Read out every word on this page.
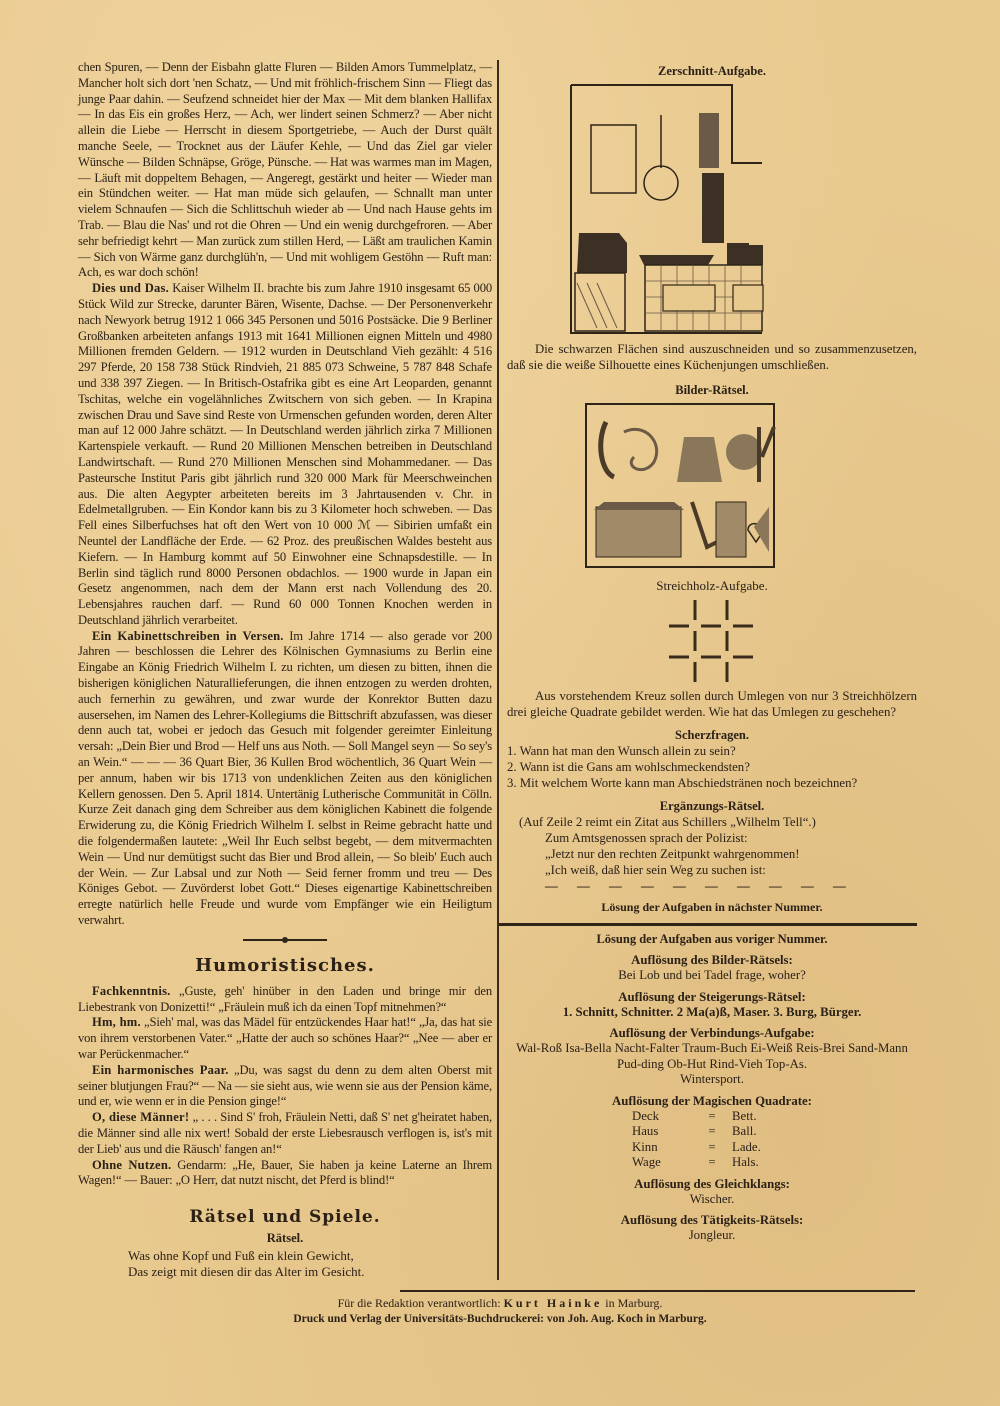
chen Spuren, — Denn der Eisbahn glatte Fluren — Bilden Amors Tummelplatz, — Mancher holt sich dort 'nen Schatz, — Und mit fröhlich-frischem Sinn — Fliegt das junge Paar dahin. — Seufzend schneidet hier der Max — Mit dem blanken Hallifax — In das Eis ein großes Herz, — Ach, wer lindert seinen Schmerz? — Aber nicht allein die Liebe — Herrscht in diesem Sportgetriebe, — Auch der Durst quält manche Seele, — Trocknet aus der Läufer Kehle, — Und das Ziel gar vieler Wünsche — Bilden Schnäpse, Gröge, Pünsche. — Hat was warmes man im Magen, — Läuft mit doppeltem Behagen, — Angeregt, gestärkt und heiter — Wieder man ein Stündchen weiter. — Hat man müde sich gelaufen, — Schnallt man unter vielem Schnaufen — Sich die Schlittschuh wieder ab — Und nach Hause gehts im Trab. — Blau die Nas' und rot die Ohren — Und ein wenig durchgefroren. — Aber sehr befriedigt kehrt — Man zurück zum stillen Herd, — Läßt am traulichen Kamin — Sich von Wärme ganz durchglüh'n, — Und mit wohligem Gestöhn — Ruft man: Ach, es war doch schön!

Dies und Das. Kaiser Wilhelm II. brachte bis zum Jahre 1910 insgesamt 65 000 Stück Wild zur Strecke, darunter Bären, Wisente, Dachse. — Der Personenverkehr nach Newyork betrug 1912 1 066 345 Personen und 5016 Postsäcke. Die 9 Berliner Großbanken arbeiteten anfangs 1913 mit 1641 Millionen eignen Mitteln und 4980 Millionen fremden Geldern. — 1912 wurden in Deutschland Vieh gezählt: 4 516 297 Pferde, 20 158 738 Stück Rindvieh, 21 885 073 Schweine, 5 787 848 Schafe und 338 397 Ziegen. — In Britisch-Ostafrika gibt es eine Art Leoparden, genannt Tschitas, welche ein vogelähnliches Zwitschern von sich geben. — In Krapina zwischen Drau und Save sind Reste von Urmenschen gefunden worden, deren Alter man auf 12 000 Jahre schätzt. — In Deutschland werden jährlich zirka 7 Millionen Kartenspiele verkauft. — Rund 20 Millionen Menschen betreiben in Deutschland Landwirtschaft. — Rund 270 Millionen Menschen sind Mohammedaner. — Das Pasteursche Institut Paris gibt jährlich rund 320 000 Mark für Meerschweinchen aus. Die alten Aegypter arbeiteten bereits im 3 Jahrtausenden v. Chr. in Edelmetallgruben. — Ein Kondor kann bis zu 3 Kilometer hoch schweben. — Das Fell eines Silberfuchses hat oft den Wert von 10 000 ℳ — Sibirien umfaßt ein Neuntel der Landfläche der Erde. — 62 Proz. des preußischen Waldes besteht aus Kiefern. — In Hamburg kommt auf 50 Einwohner eine Schnapsdestille. — In Berlin sind täglich rund 8000 Personen obdachlos. — 1900 wurde in Japan ein Gesetz angenommen, nach dem der Mann erst nach Vollendung des 20. Lebensjahres rauchen darf. — Rund 60 000 Tonnen Knochen werden in Deutschland jährlich verarbeitet.

Ein Kabinettschreiben in Versen. Im Jahre 1714 — also gerade vor 200 Jahren — beschlossen die Lehrer des Kölnischen Gymnasiums zu Berlin eine Eingabe an König Friedrich Wilhelm I. zu richten, um diesen zu bitten, ihnen die bisherigen königlichen Naturallieferungen, die ihnen entzogen zu werden drohten, auch fernerhin zu gewähren, und zwar wurde der Konrektor Butten dazu ausersehen, im Namen des Lehrer-Kollegiums die Bittschrift abzufassen, was dieser denn auch tat, wobei er jedoch das Gesuch mit folgender gereimter Einleitung versah: „Dein Bier und Brod — Helf uns aus Noth. — Soll Mangel seyn — So sey's an Wein.“ — — — 36 Quart Bier, 36 Kullen Brod wöchentlich, 36 Quart Wein — per annum, haben wir bis 1713 von undenklichen Zeiten aus den königlichen Kellern genossen. Den 5. April 1814. Untertänig Lutherische Communität in Cölln. Kurze Zeit danach ging dem Schreiber aus dem königlichen Kabinett die folgende Erwiderung zu, die König Friedrich Wilhelm I. selbst in Reime gebracht hatte und die folgendermaßen lautete: „Weil Ihr Euch selbst begebt, — dem mitvermachten Wein — Und nur demütigst sucht das Bier und Brod allein, — So bleib' Euch auch der Wein. — Zur Labsal und zur Noth — Seid ferner fromm und treu — Des Königes Gebot. — Zuvörderst lobet Gott.“ Dieses eigenartige Kabinettschreiben erregte natürlich helle Freude und wurde vom Empfänger wie ein Heiligtum verwahrt.

Humoristisches.

Fachkenntnis. „Guste, geh' hinüber in den Laden und bringe mir den Liebestrank von Donizetti!“ „Fräulein muß ich da einen Topf mitnehmen?“

Hm, hm. „Sieh' mal, was das Mädel für entzückendes Haar hat!“ „Ja, das hat sie von ihrem verstorbenen Vater.“ „Hatte der auch so schönes Haar?“ „Nee — aber er war Perückenmacher.“

Ein harmonisches Paar. „Du, was sagst du denn zu dem alten Oberst mit seiner blutjungen Frau?“ — Na — sie sieht aus, wie wenn sie aus der Pension käme, und er, wie wenn er in die Pension ginge!“

O, diese Männer! „ . . . Sind S' froh, Fräulein Netti, daß S' net g'heiratet haben, die Männer sind alle nix wert! Sobald der erste Liebesrausch verflogen is, ist's mit der Lieb' aus und die Räusch' fangen an!“

Ohne Nutzen. Gendarm: „He, Bauer, Sie haben ja keine Laterne an Ihrem Wagen!“ — Bauer: „O Herr, dat nutzt nischt, det Pferd is blind!“

Rätsel und Spiele.
Rätsel.
Was ohne Kopf und Fuß ein klein Gewicht,
Das zeigt mit diesen dir das Alter im Gesicht.
Zerschnitt-Aufgabe.
Die schwarzen Flächen sind auszuschneiden und so zusammenzusetzen, daß sie die weiße Silhouette eines Küchenjungen umschließen.
Bilder-Rätsel.
Streichholz-Aufgabe.
Aus vorstehendem Kreuz sollen durch Umlegen von nur 3 Streichhölzern drei gleiche Quadrate gebildet werden. Wie hat das Umlegen zu geschehen?
Scherzfragen.
1. Wann hat man den Wunsch allein zu sein?
2. Wann ist die Gans am wohlschmeckendsten?
3. Mit welchem Worte kann man Abschiedstränen noch bezeichnen?
Ergänzungs-Rätsel.
(Auf Zeile 2 reimt ein Zitat aus Schillers „Wilhelm Tell“.)
Zum Amtsgenossen sprach der Polizist:
„Jetzt nur den rechten Zeitpunkt wahrgenommen!
„Ich weiß, daß hier sein Weg zu suchen ist:
— — — — — — — — — —
Lösung der Aufgaben in nächster Nummer.
Lösung der Aufgaben aus voriger Nummer.
Auflösung des Bilder-Rätsels:
Bei Lob und bei Tadel frage, woher?
Auflösung der Steigerungs-Rätsel:
1. Schnitt, Schnitter. 2 Ma(a)ß, Maser. 3. Burg, Bürger.
Auflösung der Verbindungs-Aufgabe:
Wal-Roß Isa-Bella Nacht-Falter Traum-Buch Ei-Weiß Reis-Brei Sand-Mann Pud-ding Ob-Hut Rind-Vieh Top-As.
Wintersport.
Auflösung der Magischen Quadrate:
Deck	=	Bett.
Haus	=	Ball.
Kinn	=	Lade.
Wage	=	Hals.
Auflösung des Gleichklangs:
Wischer.
Auflösung des Tätigkeits-Rätsels:
Jongleur.
Für die Redaktion verantwortlich: Kurt Hainke in Marburg.
Druck und Verlag der Universitäts-Buchdruckerei: von Joh. Aug. Koch in Marburg.
